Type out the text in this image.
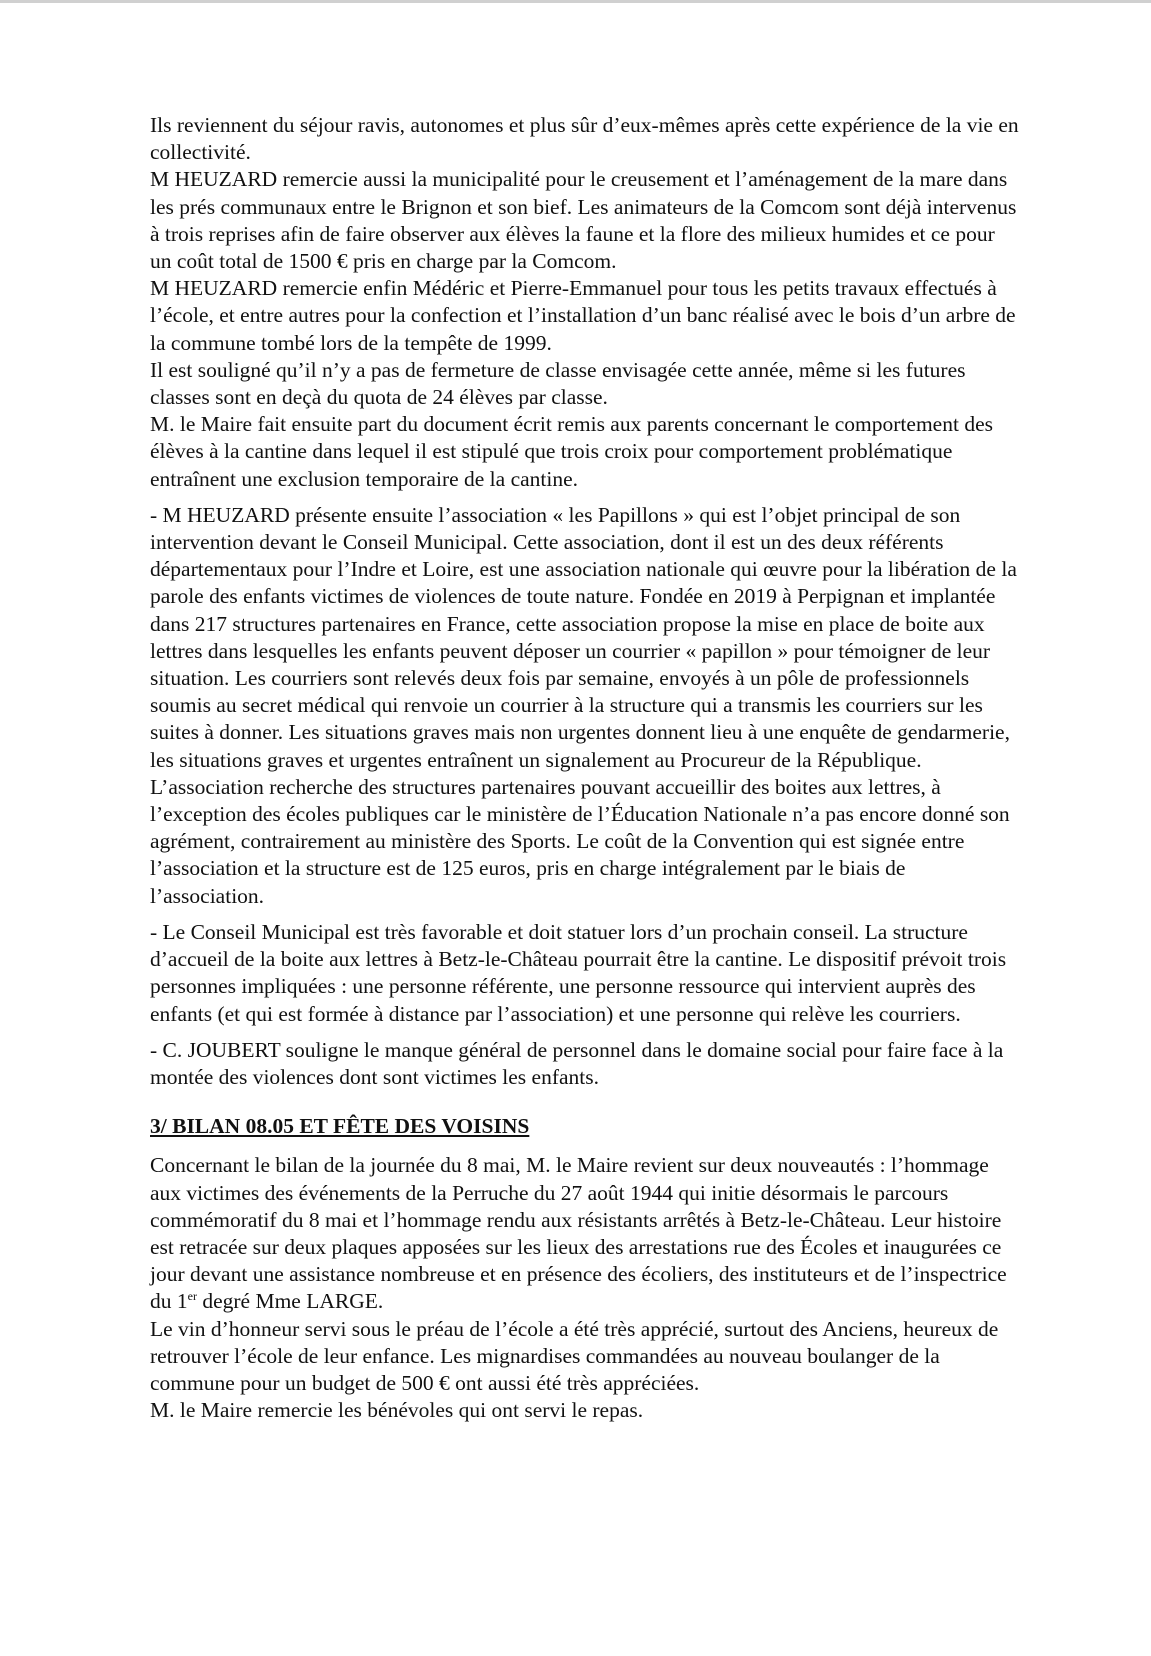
Ils reviennent du séjour ravis, autonomes et plus sûr d’eux-mêmes après cette expérience de la vie en collectivité.

M HEUZARD remercie aussi la municipalité pour le creusement et l’aménagement de la mare dans les prés communaux entre le Brignon et son bief. Les animateurs de la Comcom sont déjà intervenus à trois reprises afin de faire observer aux élèves la faune et la flore des milieux humides et ce pour un coût total de 1500 € pris en charge par la Comcom.

M HEUZARD remercie enfin Médéric et Pierre-Emmanuel pour tous les petits travaux effectués à l’école, et entre autres pour la confection et l’installation d’un banc réalisé avec le bois d’un arbre de la commune tombé lors de la tempête de 1999.

Il est souligné qu’il n’y a pas de fermeture de classe envisagée cette année, même si les futures classes sont en deçà du quota de 24 élèves par classe.

M. le Maire fait ensuite part du document écrit remis aux parents concernant le comportement des élèves à la cantine dans lequel il est stipulé que trois croix pour comportement problématique entraînent une exclusion temporaire de la cantine.

- M HEUZARD présente ensuite l’association « les Papillons » qui est l’objet principal de son intervention devant le Conseil Municipal. Cette association, dont il est un des deux référents départementaux pour l’Indre et Loire, est une association nationale qui œuvre pour la libération de la parole des enfants victimes de violences de toute nature. Fondée en 2019 à Perpignan et implantée dans 217 structures partenaires en France, cette association propose la mise en place de boite aux lettres dans lesquelles les enfants peuvent déposer un courrier « papillon » pour témoigner de leur situation. Les courriers sont relevés deux fois par semaine, envoyés à un pôle de professionnels soumis au secret médical qui renvoie un courrier à la structure qui a transmis les courriers sur les suites à donner. Les situations graves mais non urgentes donnent lieu à une enquête de gendarmerie, les situations graves et urgentes entraînent un signalement au Procureur de la République.

L’association recherche des structures partenaires pouvant accueillir des boites aux lettres, à l’exception des écoles publiques car le ministère de l’Éducation Nationale n’a pas encore donné son agrément, contrairement au ministère des Sports. Le coût de la Convention qui est signée entre l’association et la structure est de 125 euros, pris en charge intégralement par le biais de l’association.

- Le Conseil Municipal est très favorable et doit statuer lors d’un prochain conseil. La structure d’accueil de la boite aux lettres à Betz-le-Château pourrait être la cantine. Le dispositif prévoit trois personnes impliquées : une personne référente, une personne ressource qui intervient auprès des enfants (et qui est formée à distance par l’association) et une personne qui relève les courriers.

- C. JOUBERT souligne le manque général de personnel dans le domaine social pour faire face à la montée des violences dont sont victimes les enfants.

3/ BILAN 08.05 ET FÊTE DES VOISINS

Concernant le bilan de la journée du 8 mai, M. le Maire revient sur deux nouveautés : l’hommage aux victimes des événements de la Perruche du 27 août 1944 qui initie désormais le parcours commémoratif du 8 mai et l’hommage rendu aux résistants arrêtés à Betz-le-Château. Leur histoire est retracée sur deux plaques apposées sur les lieux des arrestations rue des Écoles et inaugurées ce jour devant une assistance nombreuse et en présence des écoliers, des instituteurs et de l’inspectrice du 1er degré Mme LARGE.

Le vin d’honneur servi sous le préau de l’école a été très apprécié, surtout des Anciens, heureux de retrouver l’école de leur enfance. Les mignardises commandées au nouveau boulanger de la commune pour un budget de 500 € ont aussi été très appréciées.

M. le Maire remercie les bénévoles qui ont servi le repas.
